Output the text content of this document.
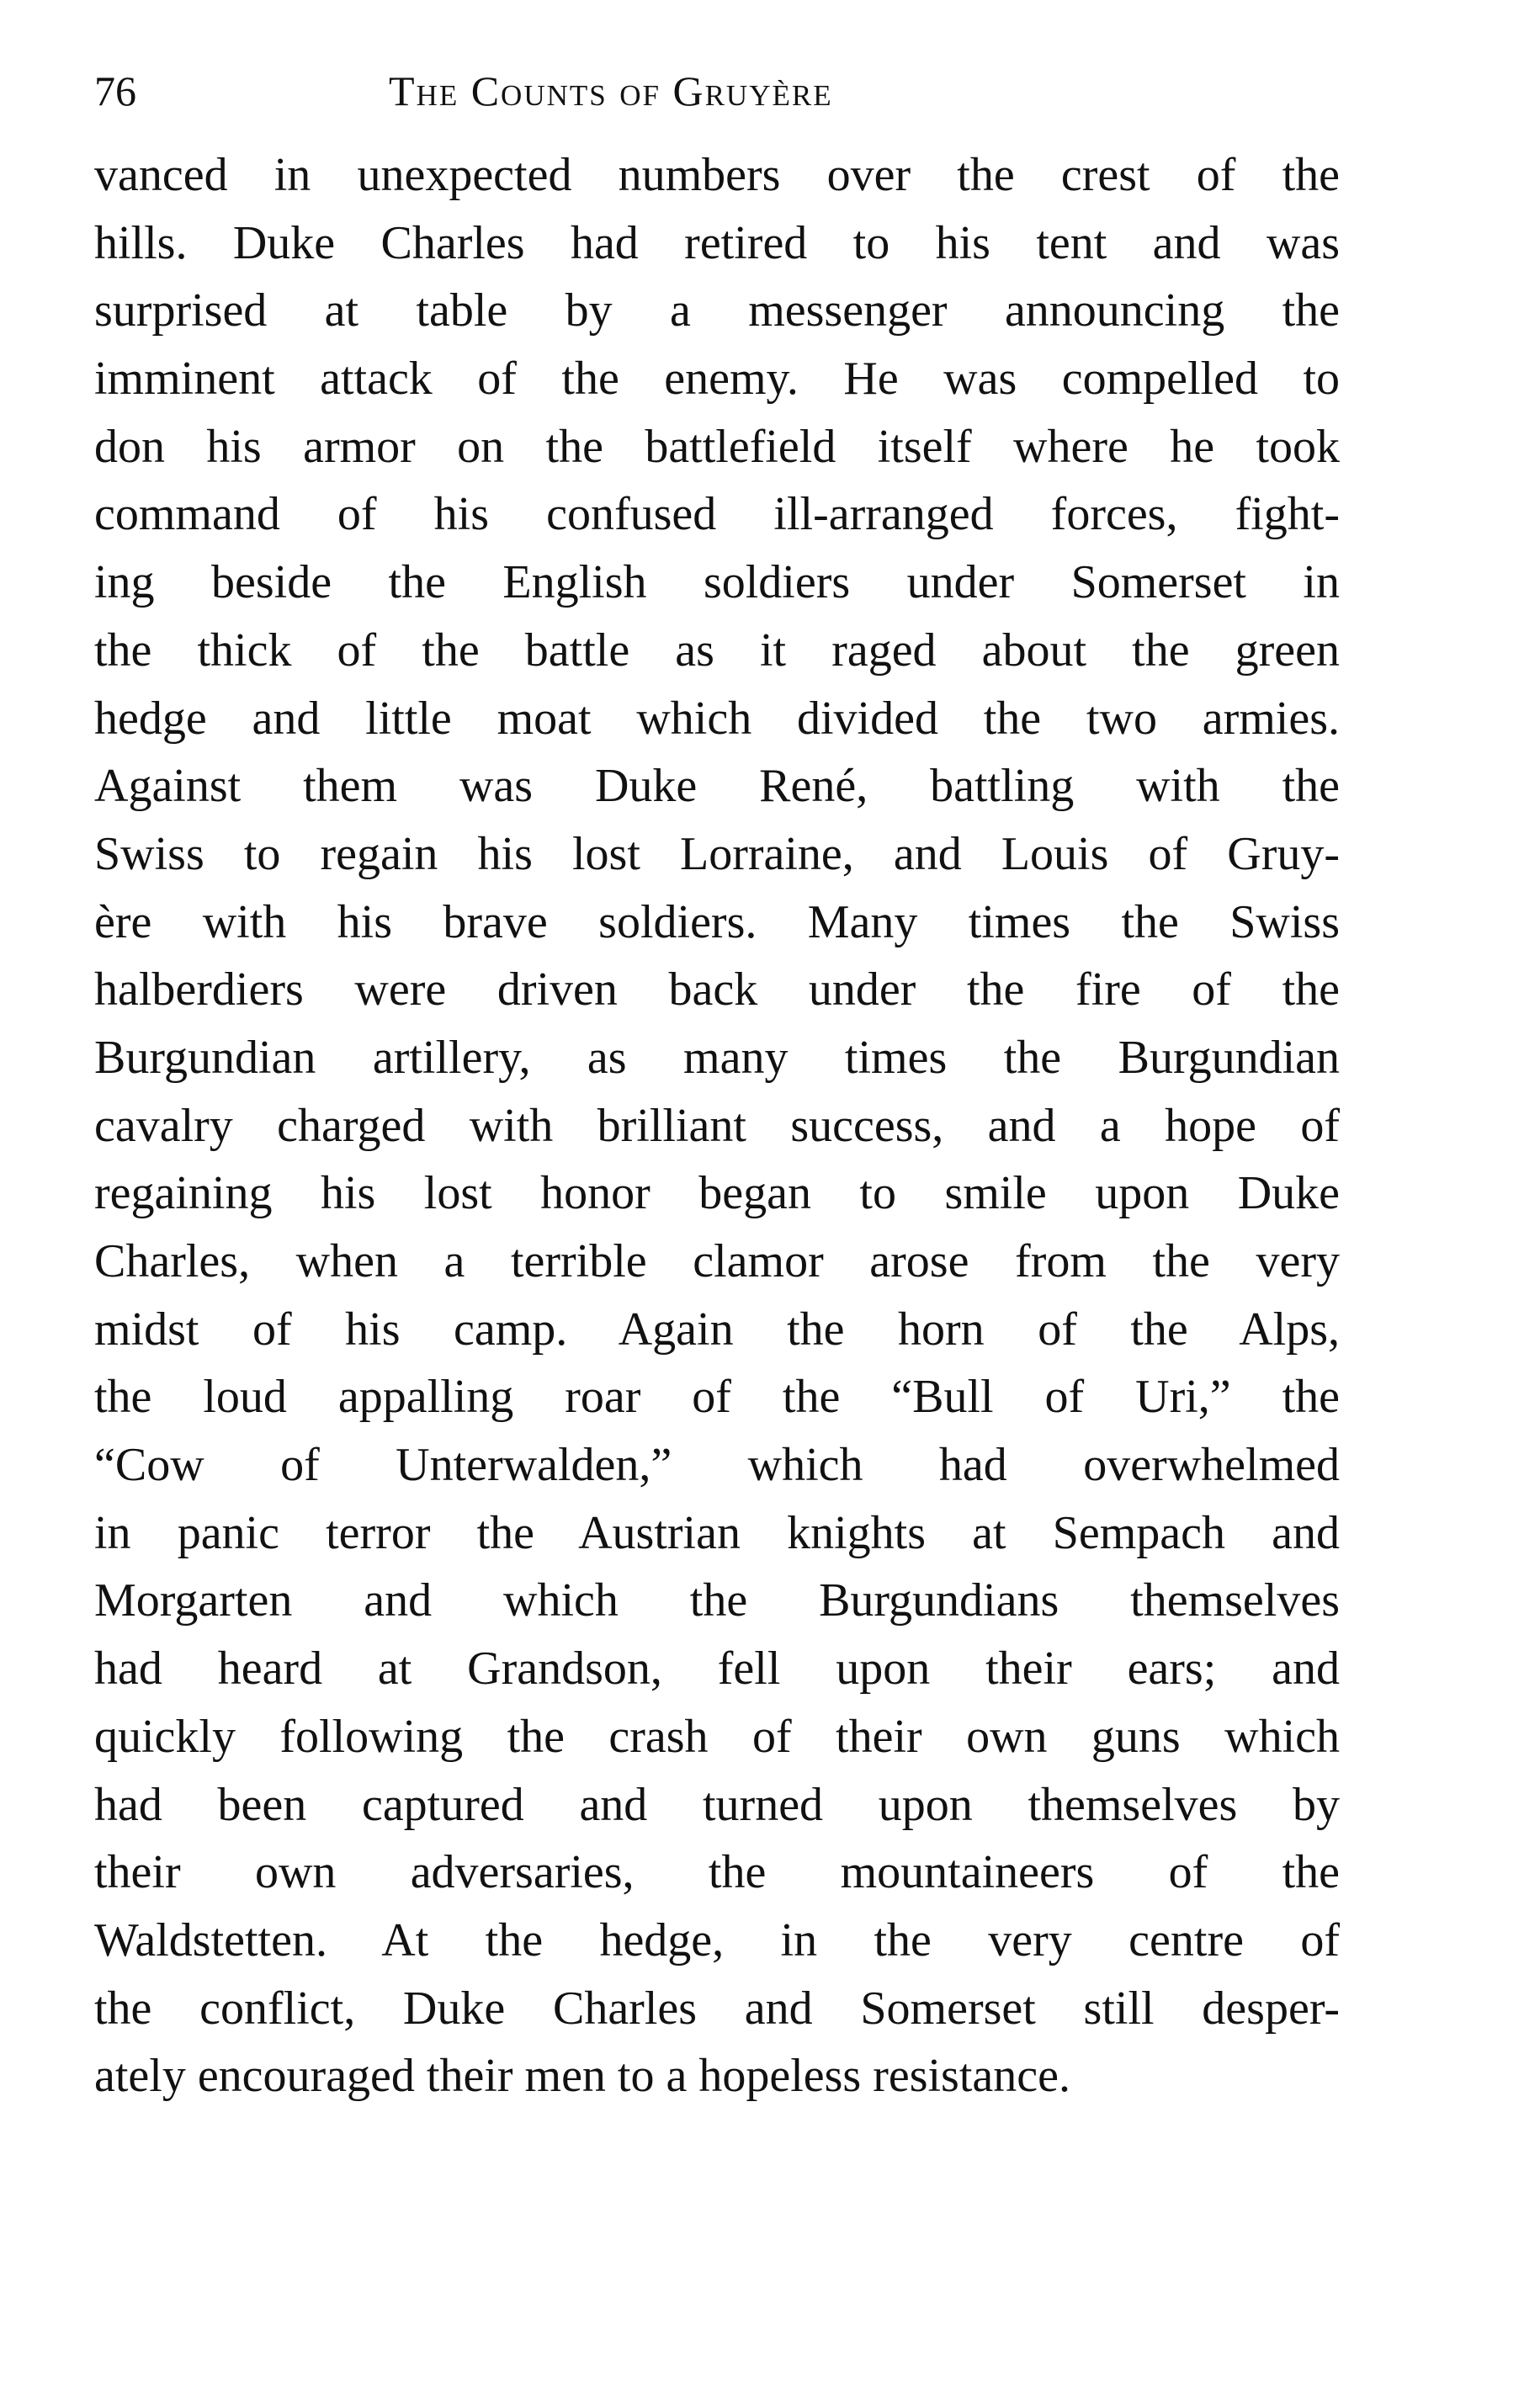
76	The Counts of Gruyère
vanced in unexpected numbers over the crest of the
hills. Duke Charles had retired to his tent and was
surprised at table by a messenger announcing the
imminent attack of the enemy. He was compelled to
don his armor on the battlefield itself where he took
command of his confused ill-arranged forces, fight-
ing beside the English soldiers under Somerset in
the thick of the battle as it raged about the green
hedge and little moat which divided the two armies.
Against them was Duke René, battling with the
Swiss to regain his lost Lorraine, and Louis of Gruy-
ère with his brave soldiers. Many times the Swiss
halberdiers were driven back under the fire of the
Burgundian artillery, as many times the Burgundian
cavalry charged with brilliant success, and a hope of
regaining his lost honor began to smile upon Duke
Charles, when a terrible clamor arose from the very
midst of his camp. Again the horn of the Alps,
the loud appalling roar of the “Bull of Uri,” the
“Cow of Unterwalden,” which had overwhelmed
in panic terror the Austrian knights at Sempach and
Morgarten and which the Burgundians themselves
had heard at Grandson, fell upon their ears; and
quickly following the crash of their own guns which
had been captured and turned upon themselves by
their own adversaries, the mountaineers of the
Waldstetten. At the hedge, in the very centre of
the conflict, Duke Charles and Somerset still desper-
ately encouraged their men to a hopeless resistance.
